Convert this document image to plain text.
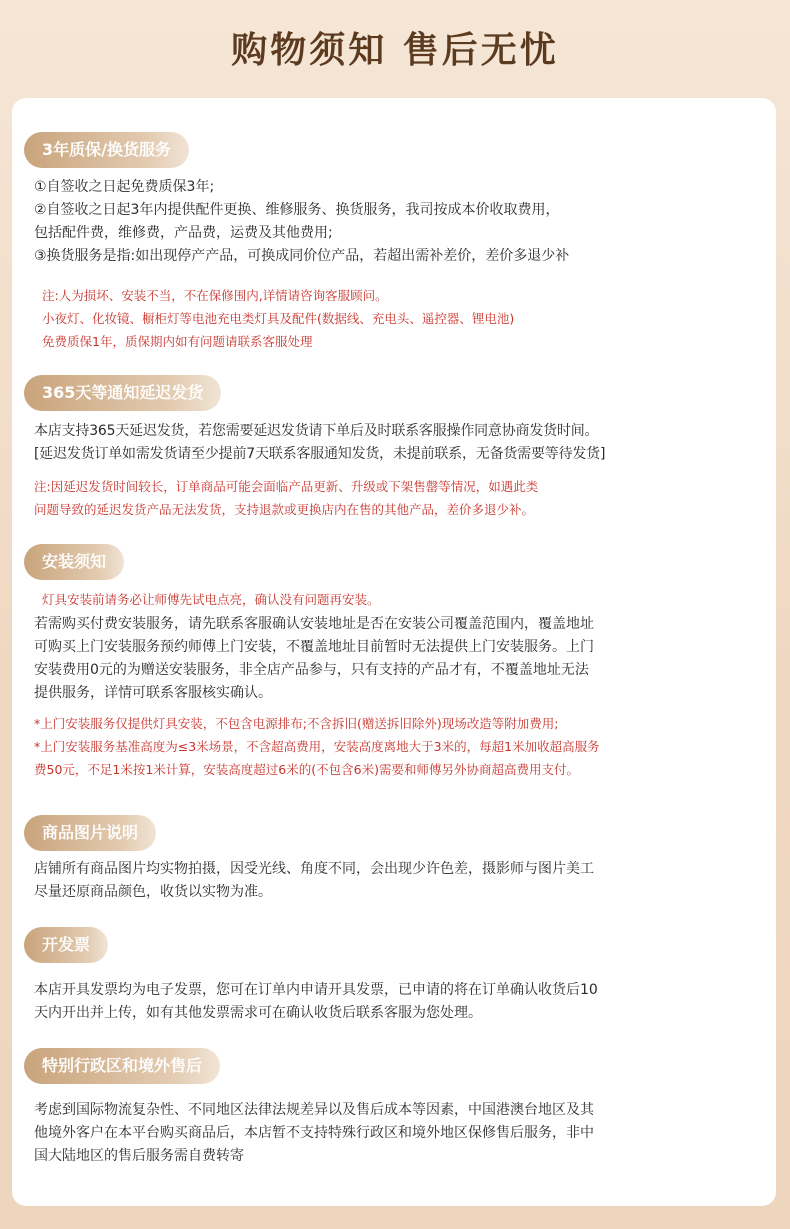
购物须知 售后无忧
3年质保/换货服务
①自签收之日起免费质保3年;
②自签收之日起3年内提供配件更换、维修服务、换货服务，我司按成本价收取费用，
包括配件费，维修费，产品费，运费及其他费用;
③换货服务是指:如出现停产产品，可换成同价位产品，若超出需补差价，差价多退少补
注:人为损坏、安装不当，不在保修围内,详情请咨询客服顾问。
小夜灯、化妆镜、橱柜灯等电池充电类灯具及配件(数据线、充电头、遥控器、锂电池)
免费质保1年，质保期内如有问题请联系客服处理
365天等通知延迟发货
本店支持365天延迟发货，若您需要延迟发货请下单后及时联系客服操作同意协商发货时间。
[延迟发货订单如需发货请至少提前7天联系客服通知发货，未提前联系，无备货需要等待发货]
注:因延迟发货时间较长，订单商品可能会面临产品更新、升级或下架售罄等情况，如遇此类
问题导致的延迟发货产品无法发货，支持退款或更换店内在售的其他产品，差价多退少补。
安装须知
灯具安装前请务必让师傅先试电点亮，确认没有问题再安装。
若需购买付费安装服务，请先联系客服确认安装地址是否在安装公司覆盖范围内，覆盖地址
可购买上门安装服务预约师傅上门安装，不覆盖地址目前暂时无法提供上门安装服务。上门
安装费用0元的为赠送安装服务，非全店产品参与，只有支持的产品才有，不覆盖地址无法
提供服务，详情可联系客服核实确认。
*上门安装服务仅提供灯具安装，不包含电源排布;不含拆旧(赠送拆旧除外)现场改造等附加费用;
*上门安装服务基准高度为≤3米场景，不含超高费用，安装高度离地大于3米的，每超1米加收超高服务
费50元，不足1米按1米计算，安装高度超过6米的(不包含6米)需要和师傅另外协商超高费用支付。
商品图片说明
店铺所有商品图片均实物拍摄，因受光线、角度不同，会出现少许色差，摄影师与图片美工
尽量还原商品颜色，收货以实物为准。
开发票
本店开具发票均为电子发票，您可在订单内申请开具发票，已申请的将在订单确认收货后10
天内开出并上传，如有其他发票需求可在确认收货后联系客服为您处理。
特别行政区和境外售后
考虑到国际物流复杂性、不同地区法律法规差异以及售后成本等因素，中国港澳台地区及其
他境外客户在本平台购买商品后，本店暂不支持特殊行政区和境外地区保修售后服务，非中
国大陆地区的售后服务需自费转寄
